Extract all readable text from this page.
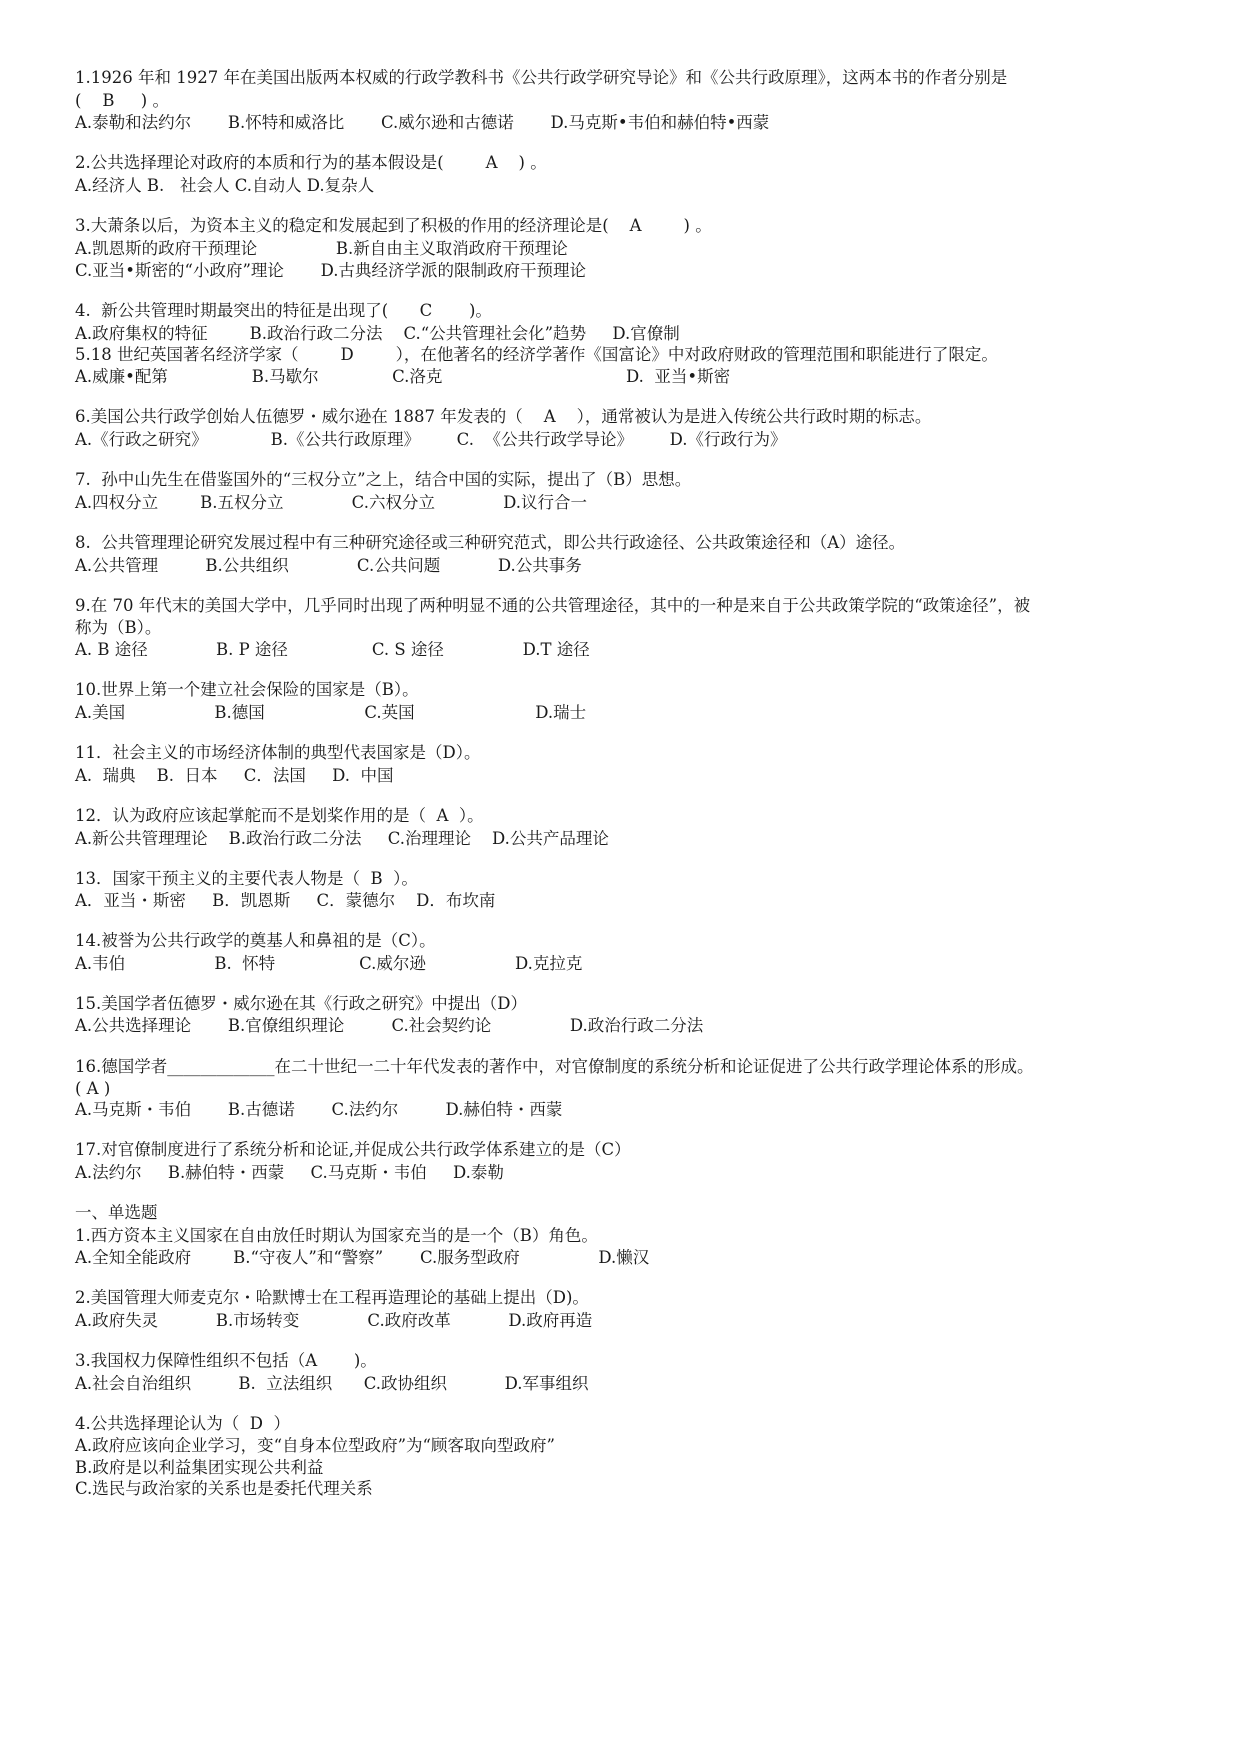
1.1926 年和 1927 年在美国出版两本权威的行政学教科书《公共行政学研究导论》和《公共行政原理》，这两本书的作者分别是
(    B     ) 。
A.泰勒和法约尔       B.怀特和威洛比       C.威尔逊和古德诺       D.马克斯•韦伯和赫伯特•西蒙
2.公共选择理论对政府的本质和行为的基本假设是(        A    ) 。
A.经济人 B.   社会人 C.自动人 D.复杂人
3.大萧条以后，为资本主义的稳定和发展起到了积极的作用的经济理论是(    A        ) 。
A.凯恩斯的政府干预理论               B.新自由主义取消政府干预理论
C.亚当•斯密的“小政府”理论       D.古典经济学派的限制政府干预理论
4.  新公共管理时期最突出的特征是出现了(      C       )。
A.政府集权的特征        B.政治行政二分法    C.“公共管理社会化”趋势     D.官僚制
5.18 世纪英国著名经济学家（        D        ），在他著名的经济学著作《国富论》中对政府财政的管理范围和职能进行了限定。
A.威廉•配第                B.马歇尔              C.洛克                                   D.  亚当•斯密
6.美国公共行政学创始人伍德罗・威尔逊在 1887 年发表的（    A    ），通常被认为是进入传统公共行政时期的标志。
A.《行政之研究》            B.《公共行政原理》       C.  《公共行政学导论》       D.《行政行为》
7.  孙中山先生在借鉴国外的“三权分立”之上，结合中国的实际，提出了（B）思想。
A.四权分立        B.五权分立             C.六权分立             D.议行合一
8.  公共管理理论研究发展过程中有三种研究途径或三种研究范式，即公共行政途径、公共政策途径和（A）途径。
A.公共管理         B.公共组织             C.公共问题           D.公共事务
9.在 70 年代末的美国大学中，几乎同时出现了两种明显不通的公共管理途径，其中的一种是来自于公共政策学院的“政策途径”，被
称为（B）。
A. B 途径             B. P 途径                C. S 途径               D.T 途径
10.世界上第一个建立社会保险的国家是（B）。
A.美国                 B.德国                   C.英国                       D.瑞士
11．社会主义的市场经济体制的典型代表国家是（D）。
A.  瑞典    B.  日本     C．法国     D.  中国
12．认为政府应该起掌舵而不是划桨作用的是（  A  ）。
A.新公共管理理论    B.政治行政二分法     C.治理理论    D.公共产品理论
13．国家干预主义的主要代表人物是（  B  ）。
A．亚当・斯密     B．凯恩斯     C．蒙德尔    D．布坎南
14.被誉为公共行政学的奠基人和鼻祖的是（C）。
A.韦伯                 B.  怀特                C.威尔逊                 D.克拉克
15.美国学者伍德罗・威尔逊在其《行政之研究》中提出（D）
A.公共选择理论       B.官僚组织理论         C.社会契约论               D.政治行政二分法
16.德国学者_____________在二十世纪一二十年代发表的著作中，对官僚制度的系统分析和论证促进了公共行政学理论体系的形成。
( A )
A.马克斯・韦伯       B.古德诺       C.法约尔         D.赫伯特・西蒙
17.对官僚制度进行了系统分析和论证,并促成公共行政学体系建立的是（C）
A.法约尔     B.赫伯特・西蒙     C.马克斯・韦伯     D.泰勒
一、单选题
1.西方资本主义国家在自由放任时期认为国家充当的是一个（B）角色。
A.全知全能政府        B.“守夜人”和“警察”       C.服务型政府               D.懒汉
2.美国管理大师麦克尔・哈默博士在工程再造理论的基础上提出（D)。
A.政府失灵           B.市场转变             C.政府改革           D.政府再造
3.我国权力保障性组织不包括（A       )。
A.社会自治组织         B.  立法组织      C.政协组织           D.军事组织
4.公共选择理论认为（  D  ）
A.政府应该向企业学习，变“自身本位型政府”为“顾客取向型政府”
B.政府是以利益集团实现公共利益
C.选民与政治家的关系也是委托代理关系
